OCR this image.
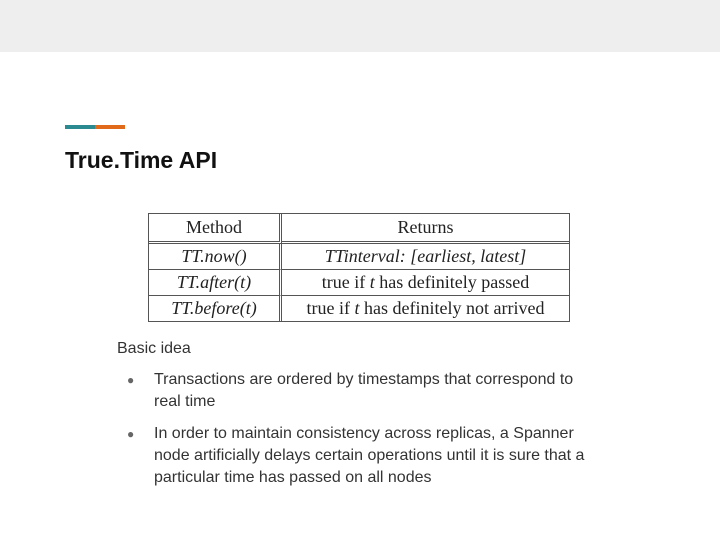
True.Time API
Method	Returns
TT.now()	TTinterval: [earliest, latest]
TT.after(t)	true if t has definitely passed
TT.before(t)	true if t has definitely not arrived
Basic idea
● Transactions are ordered by timestamps that correspond to real time
● In order to maintain consistency across replicas, a Spanner node artificially delays certain operations until it is sure that a particular time has passed on all nodes
